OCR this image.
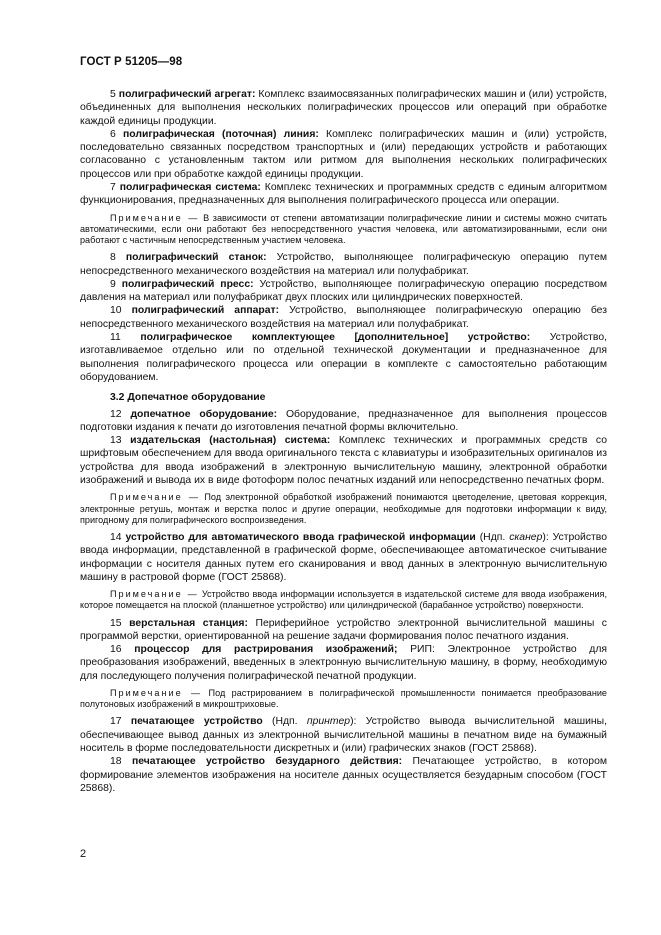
ГОСТ Р 51205—98

5 полиграфический агрегат: Комплекс взаимосвязанных полиграфических машин и (или) устройств, объединенных для выполнения нескольких полиграфических процессов или операций при обработке каждой единицы продукции.

6 полиграфическая (поточная) линия: Комплекс полиграфических машин и (или) устройств, последовательно связанных посредством транспортных и (или) передающих устройств и работающих согласованно с установленным тактом или ритмом для выполнения нескольких полиграфических процессов или при обработке каждой единицы продукции.

7 полиграфическая система: Комплекс технических и программных средств с единым алгоритмом функционирования, предназначенных для выполнения полиграфического процесса или операции.

Примечание — В зависимости от степени автоматизации полиграфические линии и системы можно считать автоматическими, если они работают без непосредственного участия человека, или автоматизированными, если они работают с частичным непосредственным участием человека.

8 полиграфический станок: Устройство, выполняющее полиграфическую операцию путем непосредственного механического воздействия на материал или полуфабрикат.

9 полиграфический пресс: Устройство, выполняющее полиграфическую операцию посредством давления на материал или полуфабрикат двух плоских или цилиндрических поверхностей.

10 полиграфический аппарат: Устройство, выполняющее полиграфическую операцию без непосредственного механического воздействия на материал или полуфабрикат.

11 полиграфическое комплектующее [дополнительное] устройство: Устройство, изготавливаемое отдельно или по отдельной технической документации и предназначенное для выполнения полиграфического процесса или операции в комплекте с самостоятельно работающим оборудованием.

3.2 Допечатное оборудование

12 допечатное оборудование: Оборудование, предназначенное для выполнения процессов подготовки издания к печати до изготовления печатной формы включительно.

13 издательская (настольная) система: Комплекс технических и программных средств со шрифтовым обеспечением для ввода оригинального текста с клавиатуры и изобразительных оригиналов из устройства для ввода изображений в электронную вычислительную машину, электронной обработки изображений и вывода их в виде фотоформ полос печатных изданий или непосредственно печатных форм.

Примечание — Под электронной обработкой изображений понимаются цветоделение, цветовая коррекция, электронные ретушь, монтаж и верстка полос и другие операции, необходимые для подготовки информации к виду, пригодному для полиграфического воспроизведения.

14 устройство для автоматического ввода графической информации (Ндп. сканер): Устройство ввода информации, представленной в графической форме, обеспечивающее автоматическое считывание информации с носителя данных путем его сканирования и ввод данных в электронную вычислительную машину в растровой форме (ГОСТ 25868).

Примечание — Устройство ввода информации используется в издательской системе для ввода изображения, которое помещается на плоской (планшетное устройство) или цилиндрической (барабанное устройство) поверхности.

15 верстальная станция: Периферийное устройство электронной вычислительной машины с программой верстки, ориентированной на решение задачи формирования полос печатного издания.

16 процессор для растрирования изображений; РИП: Электронное устройство для преобразования изображений, введенных в электронную вычислительную машину, в форму, необходимую для последующего получения полиграфической печатной продукции.

Примечание — Под растрированием в полиграфической промышленности понимается преобразование полутоновых изображений в микроштриховые.

17 печатающее устройство (Ндп. принтер): Устройство вывода вычислительной машины, обеспечивающее вывод данных из электронной вычислительной машины в печатном виде на бумажный носитель в форме последовательности дискретных и (или) графических знаков (ГОСТ 25868).

18 печатающее устройство безударного действия: Печатающее устройство, в котором формирование элементов изображения на носителе данных осуществляется безударным способом (ГОСТ 25868).

2
